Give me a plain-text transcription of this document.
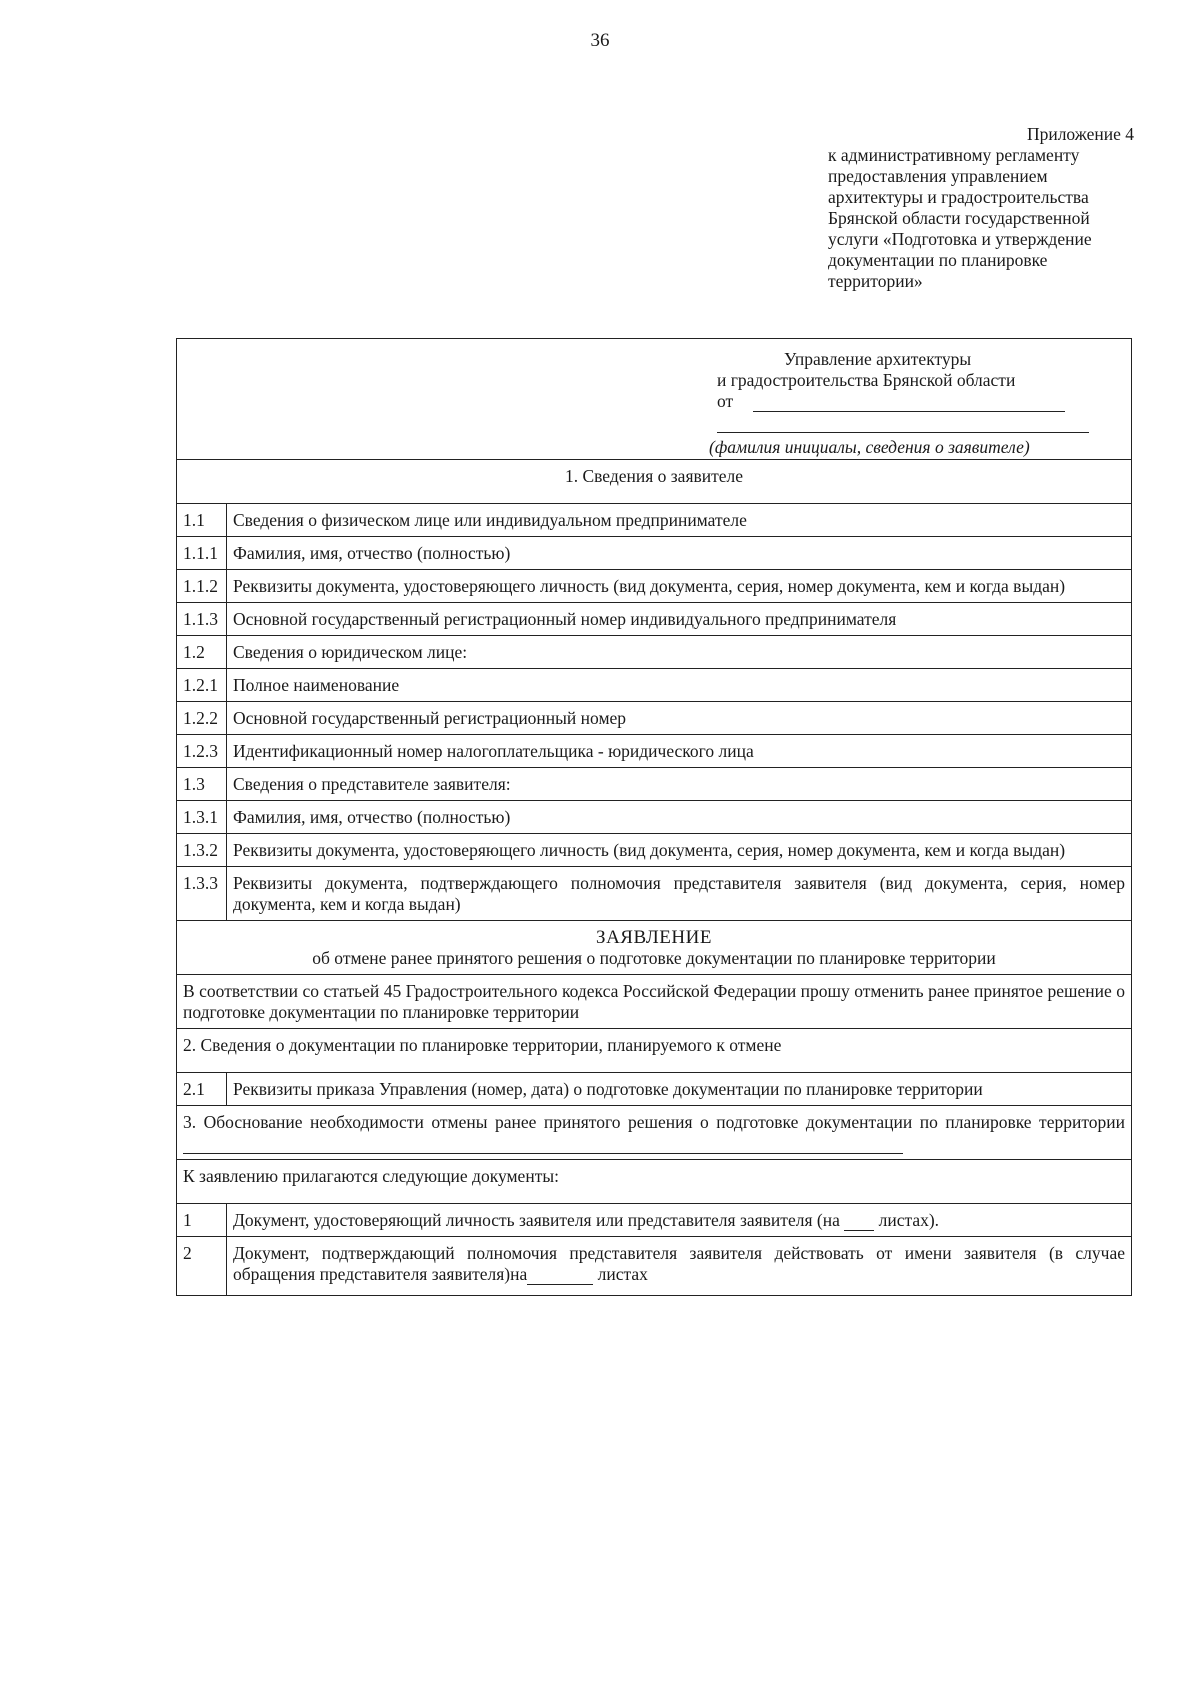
36
Приложение 4
к административному регламенту
предоставления управлением
архитектуры и градостроительства
Брянской области государственной
услуги «Подготовка и утверждение
документации по планировке
территории»
Управление архитектуры
и градостроительства Брянской области
от
(фамилия инициалы, сведения о заявителе)	

1. Сведения о заявителе	
1.1	Сведения о физическом лице или индивидуальном предпринимателе
1.1.1	Фамилия, имя, отчество (полностью)
1.1.2	Реквизиты документа, удостоверяющего личность (вид документа, серия, номер документа, кем и когда выдан)
1.1.3	Основной государственный регистрационный номер индивидуального предпринимателя
1.2	Сведения о юридическом лице:
1.2.1	Полное наименование
1.2.2	Основной государственный регистрационный номер
1.2.3	Идентификационный номер налогоплательщика - юридического лица
1.3	Сведения о представителе заявителя:
1.3.1	Фамилия, имя, отчество (полностью)
1.3.2	Реквизиты документа, удостоверяющего личность (вид документа, серия, номер документа, кем и когда выдан)
1.3.3	Реквизиты документа, подтверждающего полномочия представителя заявителя (вид документа, серия, номер документа, кем и когда выдан)

ЗАЯВЛЕНИЕ
об отмене ранее принятого решения о подготовке документации по планировке территории	

В соответствии со статьей 45 Градостроительного кодекса Российской Федерации прошу отменить ранее принятое решение о подготовке документации по планировке территории	
2. Сведения о документации по планировке территории, планируемого к отмене	
2.1	Реквизиты приказа Управления (номер, дата) о подготовке документации по планировке территории
3. Обоснование необходимости отмены ранее принятого решения о подготовке документации по планировке территории	
К заявлению прилагаются следующие документы:	
1	Документ, удостоверяющий личность заявителя или представителя заявителя (на листах).
2	Документ, подтверждающий полномочия представителя заявителя действовать от имени заявителя (в случае обращения представителя заявителя)на листах
